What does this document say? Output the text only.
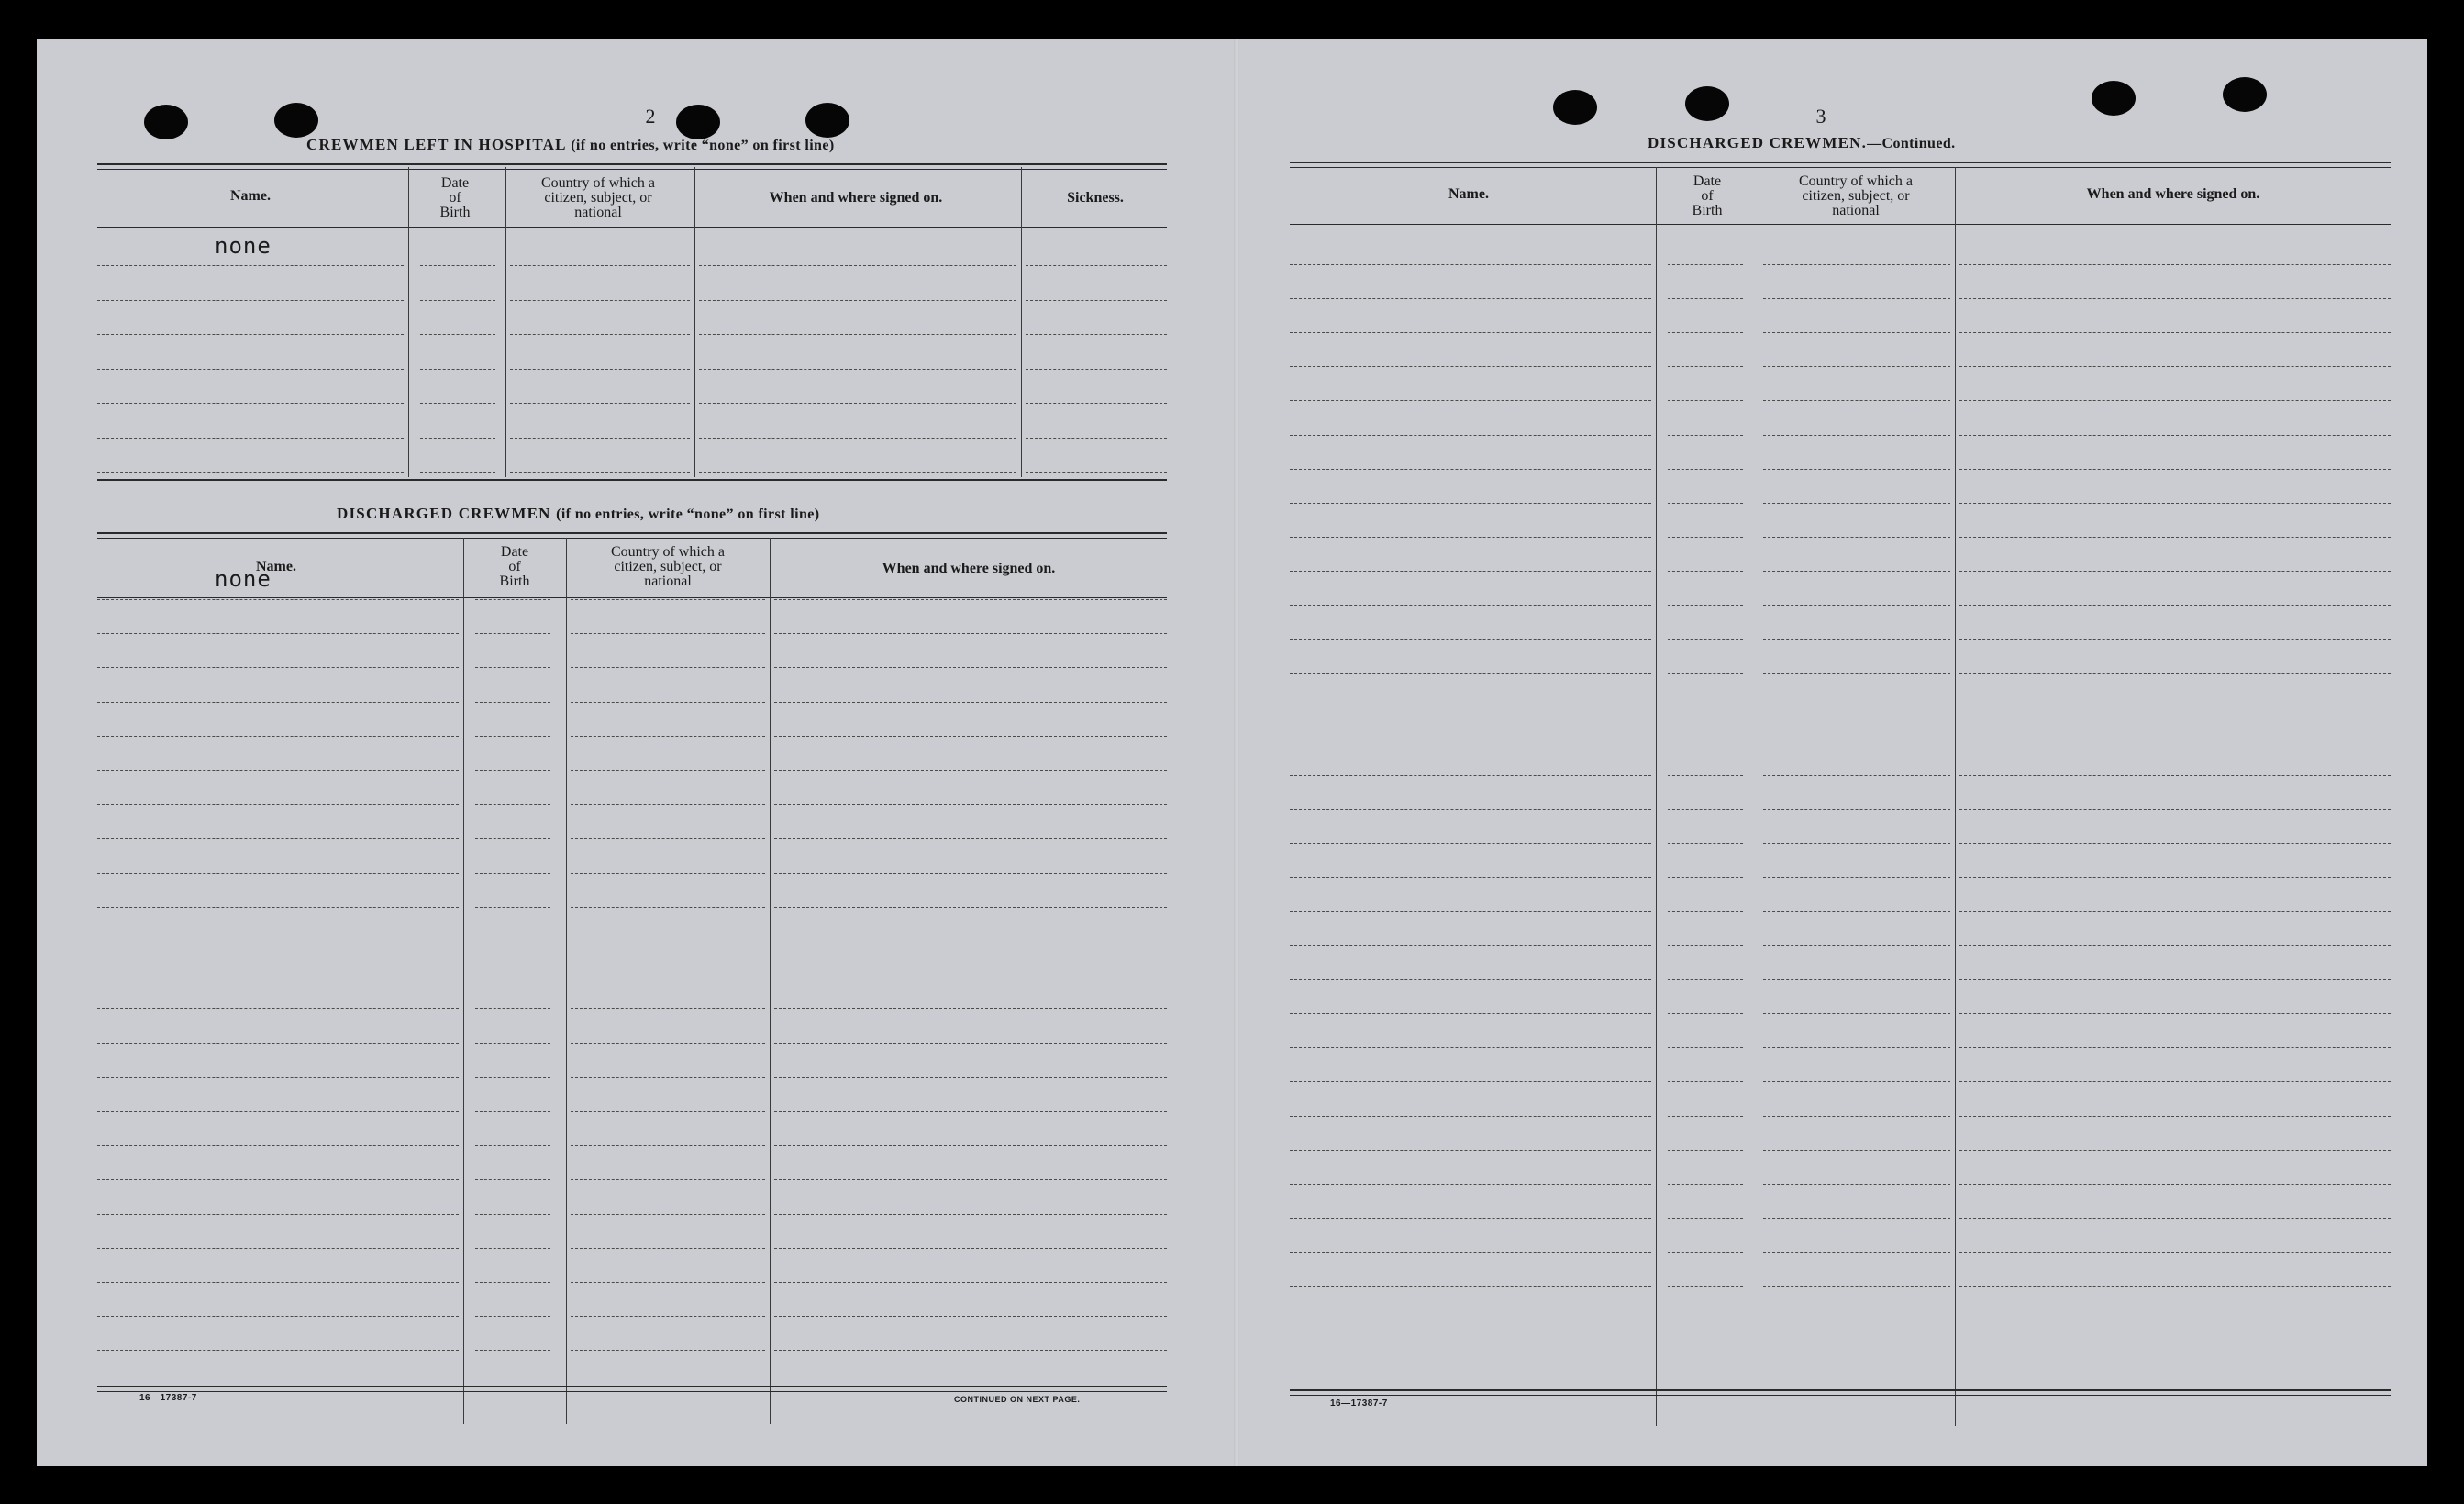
2
CREWMEN LEFT IN HOSPITAL (if no entries, write “none” on first line)
Name.
Date
of
Birth
Country of which a
citizen, subject, or
national
When and where signed on.	Sickness.
none
DISCHARGED CREWMEN (if no entries, write “none” on first line)
Name.
Date
of
Birth
Country of which a
citizen, subject, or
national
When and where signed on.
none
16—17387-7	CONTINUED ON NEXT PAGE.
3
DISCHARGED CREWMEN.—Continued.
Name.
Date
of
Birth
Country of which a
citizen, subject, or
national
When and where signed on.
16—17387-7
